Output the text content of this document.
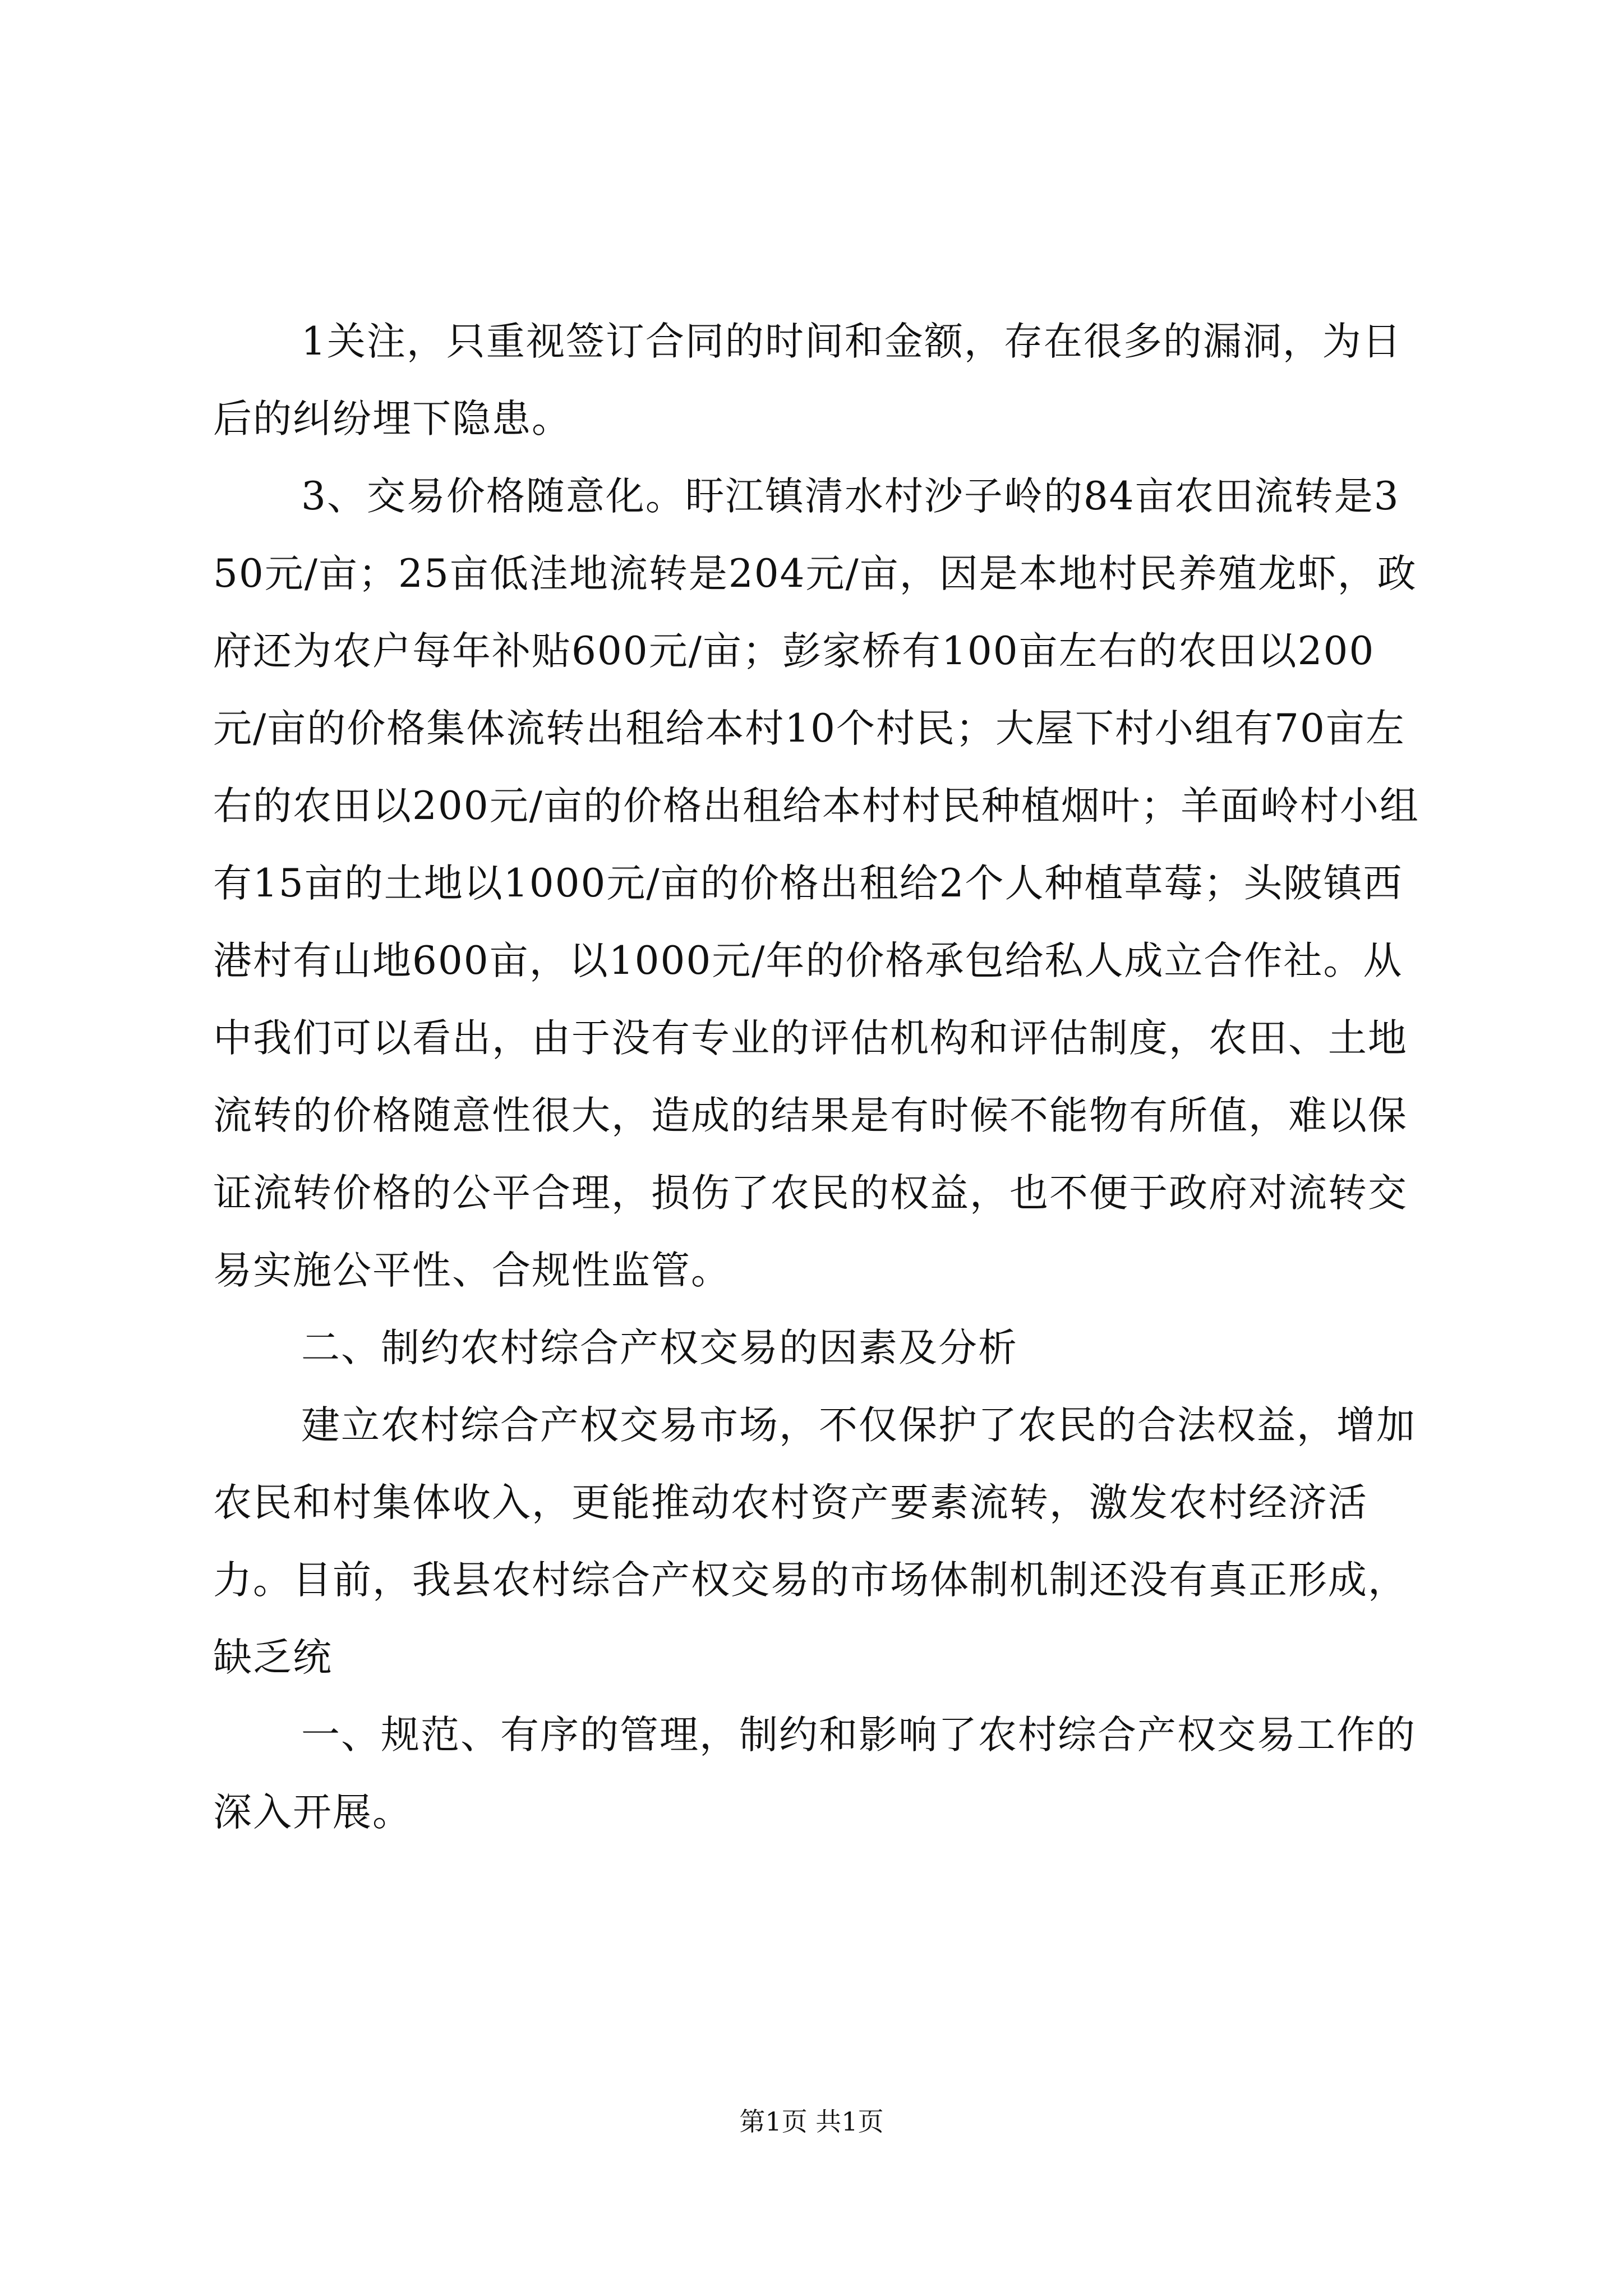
1关注，只重视签订合同的时间和金额，存在很多的漏洞，为日后的纠纷埋下隐患。

3、交易价格随意化。盱江镇清水村沙子岭的84亩农田流转是350元/亩；25亩低洼地流转是204元/亩，因是本地村民养殖龙虾，政府还为农户每年补贴600元/亩；彭家桥有100亩左右的农田以200元/亩的价格集体流转出租给本村10个村民；大屋下村小组有70亩左右的农田以200元/亩的价格出租给本村村民种植烟叶；羊面岭村小组有15亩的土地以1000元/亩的价格出租给2个人种植草莓；头陂镇西港村有山地600亩，以1000元/年的价格承包给私人成立合作社。从中我们可以看出，由于没有专业的评估机构和评估制度，农田、土地流转的价格随意性很大，造成的结果是有时候不能物有所值，难以保证流转价格的公平合理，损伤了农民的权益，也不便于政府对流转交易实施公平性、合规性监管。

二、制约农村综合产权交易的因素及分析

建立农村综合产权交易市场，不仅保护了农民的合法权益，增加农民和村集体收入，更能推动农村资产要素流转，激发农村经济活力。目前，我县农村综合产权交易的市场体制机制还没有真正形成，缺乏统

一、规范、有序的管理，制约和影响了农村综合产权交易工作的深入开展。

第1页 共1页
